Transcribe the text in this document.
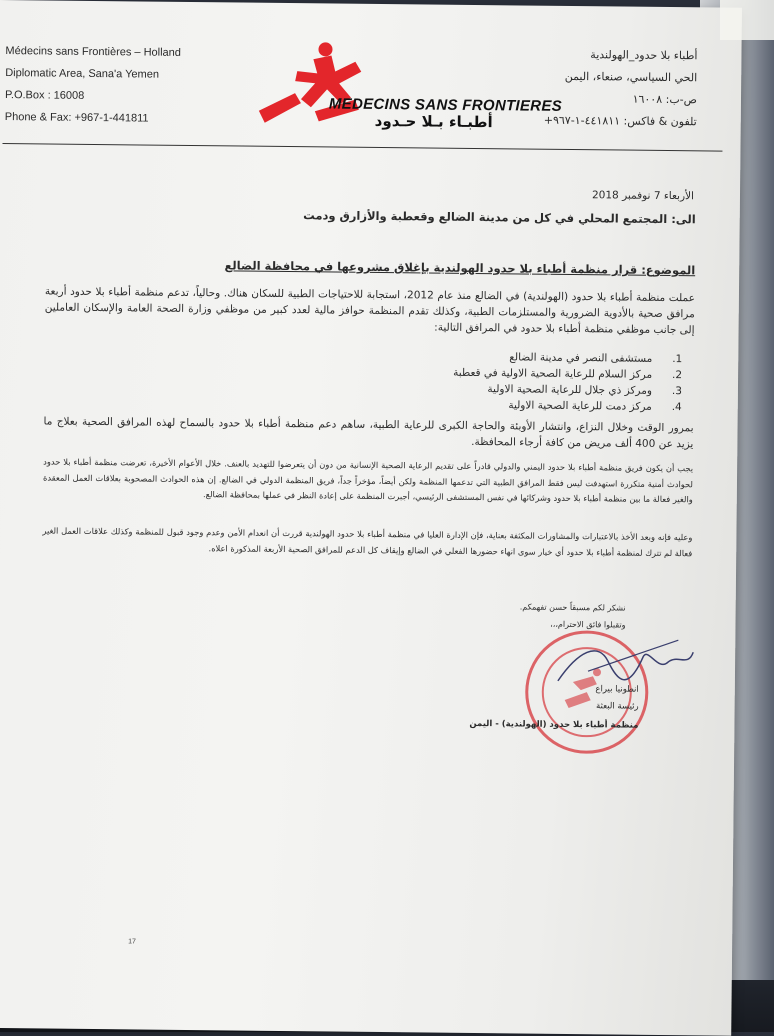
Médecins sans Frontières – Holland
Diplomatic Area, Sana'a Yemen
P.O.Box : 16008
Phone & Fax: +967-1-441811
أطباء بلا حدود_الهولندية
الحي السياسي، صنعاء، اليمن
ص-ب: ١٦٠٠٨
تلفون & فاكس: ٤٤١٨١١-١-٩٦٧+
MEDECINS SANS FRONTIERES
أطبـاء بـلا حـدود
الأربعاء 7 نوفمبر 2018
الى: المجتمع المحلي في كل من مدينة الضالع وقعطبة والأزارق ودمت
الموضوع: قرار منظمة أطباء بلا حدود الهولندية بإغلاق مشروعها في محافظة الضالع
عملت منظمة أطباء بلا حدود (الهولندية) في الضالع منذ عام 2012، استجابة للاحتياجات الطبية للسكان هناك. وحالياً، تدعم منظمة أطباء بلا حدود أربعة مرافق صحية بالأدوية الضرورية والمستلزمات الطبية، وكذلك تقدم المنظمة حوافز مالية لعدد كبير من موظفي وزارة الصحة العامة والإسكان العاملين إلى جانب موظفي منظمة أطباء بلا حدود في المرافق التالية:
1.
مستشفى النصر في مدينة الضالع
2.
مركز السلام للرعاية الصحية الاولية في قعطبة
3.
ومركز ذي جلال للرعاية الصحية الاولية
4.
مركز دمت للرعاية الصحية الاولية
بمرور الوقت وخلال النزاع، وانتشار الأوبئة والحاجة الكبرى للرعاية الطبية، ساهم دعم منظمة أطباء بلا حدود بالسماح لهذه المرافق الصحية بعلاج ما يزيد عن 400 ألف مريض من كافة أرجاء المحافظة.
يجب أن يكون فريق منظمة أطباء بلا حدود اليمني والدولي قادراً على تقديم الرعاية الصحية الإنسانية من دون أن يتعرضوا للتهديد بالعنف. خلال الأعوام الأخيرة، تعرضت منظمة أطباء بلا حدود لحوادث أمنية متكررة استهدفت ليس فقط المرافق الطبية التي تدعمها المنظمة ولكن أيضاً، مؤخراً جداً، فريق المنظمة الدولي في الضالع. إن هذه الحوادث المصحوبة بعلاقات العمل المعقدة والغير فعالة ما بين منظمة أطباء بلا حدود وشركائها في نفس المستشفى الرئيسي، أجبرت المنظمة على إعادة النظر في عملها بمحافظة الضالع.
وعليه فإنه وبعد الأخذ بالاعتبارات والمشاورات المكثفة بعناية، فإن الإدارة العليا في منظمة أطباء بلا حدود الهولندية قررت أن انعدام الأمن وعدم وجود قبول للمنظمة وكذلك علاقات العمل الغير فعالة لم تترك لمنظمة أطباء بلا حدود أي خيار سوى انهاء حضورها الفعلي في الضالع وإيقاف كل الدعم للمرافق الصحية الأربعة المذكورة اعلاه.
نشكر لكم مسبقاً حسن تفهمكم.
وتقبلوا فائق الاحترام،،،
انطونيا بيراع
رئيسة البعثة
منظمة أطباء بلا حدود (الهولندية) - اليمن
17
